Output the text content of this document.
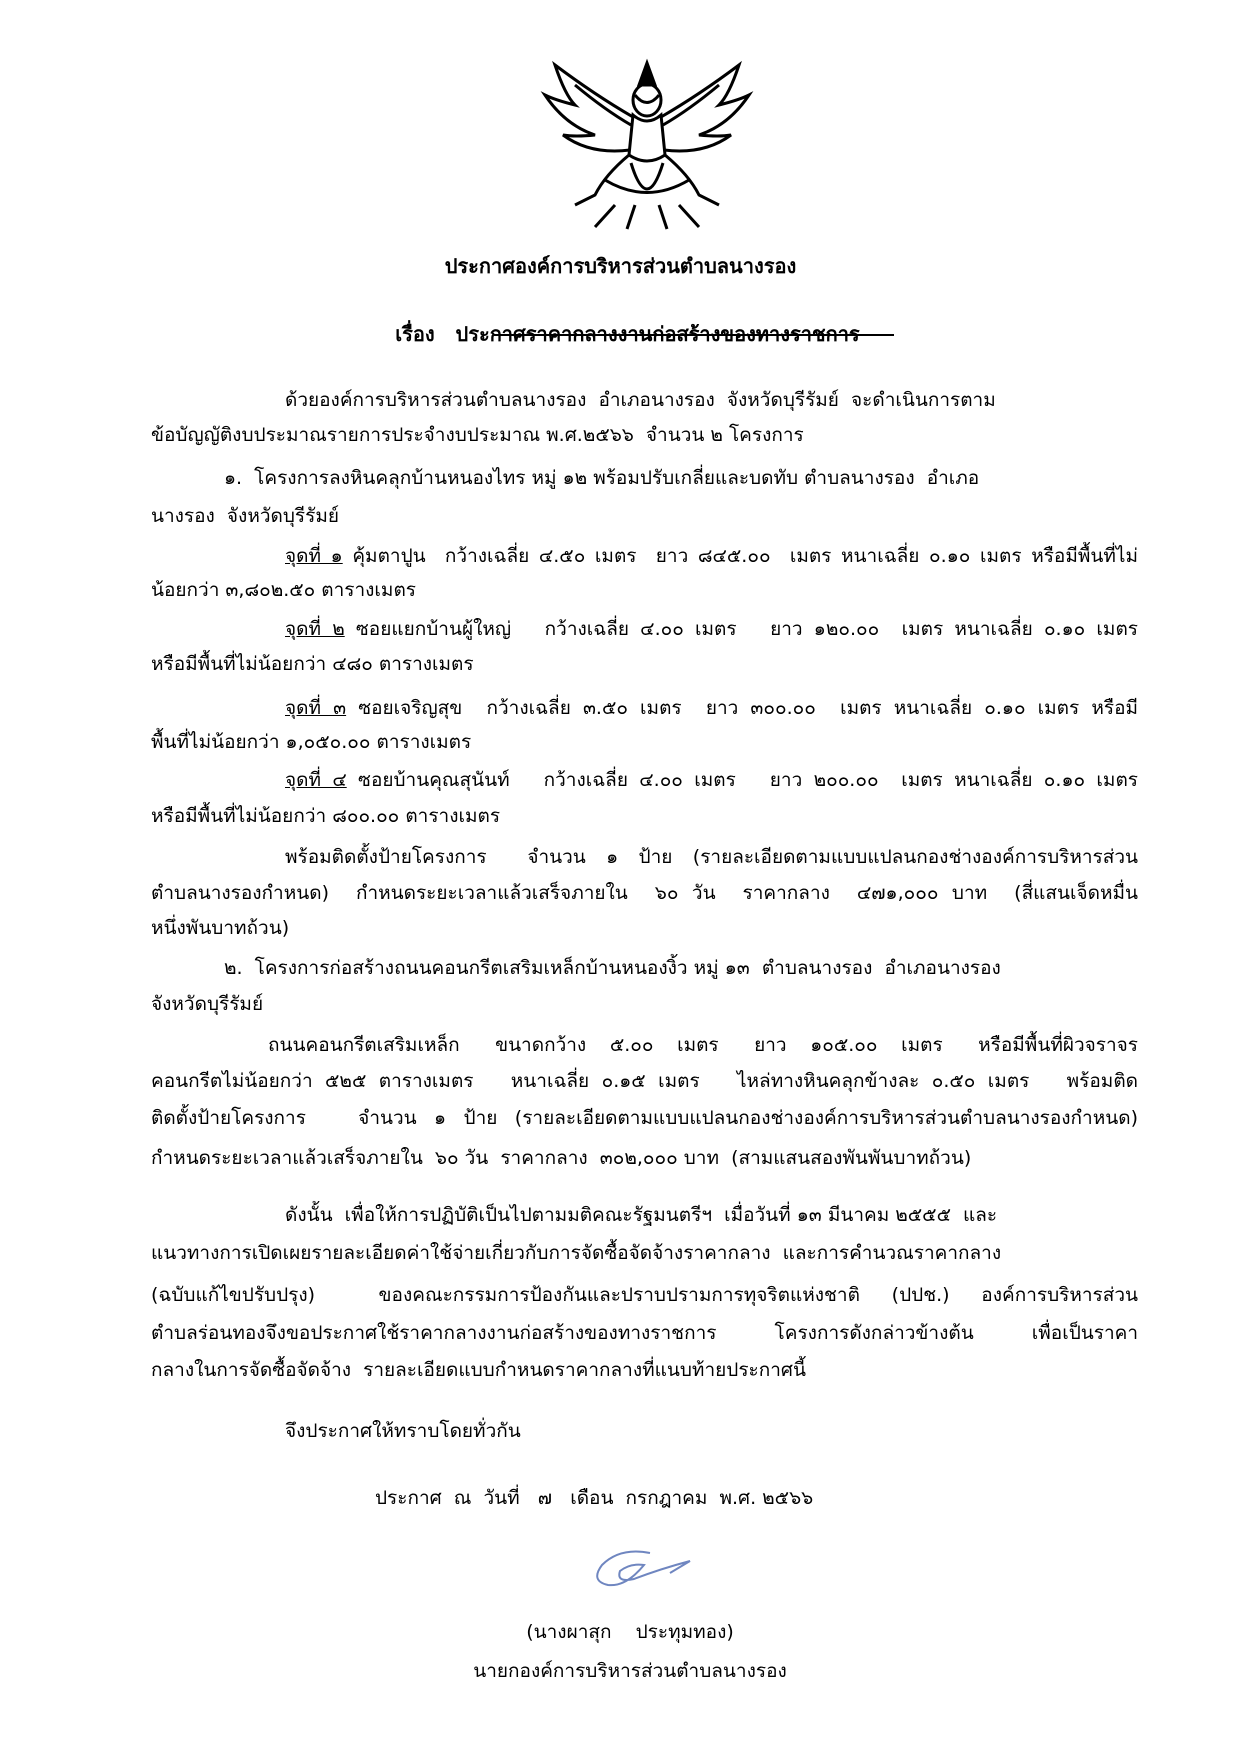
ประกาศองค์การบริหารส่วนตำบลนางรอง

เรื่อง ประกาศราคากลางงานก่อสร้างของทางราชการ

ด้วยองค์การบริหารส่วนตำบลนางรอง  อำเภอนางรอง  จังหวัดบุรีรัมย์  จะดำเนินการตาม
ข้อบัญญัติงบประมาณรายการประจำงบประมาณ พ.ศ.๒๕๖๖  จำนวน ๒ โครงการ
๑.  โครงการลงหินคลุกบ้านหนองไทร หมู่ ๑๒ พร้อมปรับเกลี่ยและบดทับ ตำบลนางรอง  อำเภอ
นางรอง  จังหวัดบุรีรัมย์
จุดที่ ๑ คุ้มตาปูน  กว้างเฉลี่ย ๔.๕๐ เมตร  ยาว ๘๔๕.๐๐  เมตร หนาเฉลี่ย ๐.๑๐ เมตร หรือมีพื้นที่ไม่
น้อยกว่า ๓,๘๐๒.๕๐ ตารางเมตร
จุดที่ ๒ ซอยแยกบ้านผู้ใหญ่   กว้างเฉลี่ย ๔.๐๐ เมตร   ยาว ๑๒๐.๐๐  เมตร หนาเฉลี่ย ๐.๑๐ เมตร
หรือมีพื้นที่ไม่น้อยกว่า ๔๘๐ ตารางเมตร
จุดที่ ๓ ซอยเจริญสุข  กว้างเฉลี่ย ๓.๕๐ เมตร  ยาว ๓๐๐.๐๐  เมตร หนาเฉลี่ย ๐.๑๐ เมตร หรือมี
พื้นที่ไม่น้อยกว่า ๑,๐๕๐.๐๐ ตารางเมตร
จุดที่ ๔ ซอยบ้านคุณสุนันท์   กว้างเฉลี่ย ๔.๐๐ เมตร   ยาว ๒๐๐.๐๐  เมตร หนาเฉลี่ย ๐.๑๐ เมตร
หรือมีพื้นที่ไม่น้อยกว่า ๘๐๐.๐๐ ตารางเมตร
พร้อมติดตั้งป้ายโครงการ    จำนวน  ๑  ป้าย  (รายละเอียดตามแบบแปลนกองช่างองค์การบริหารส่วน
ตำบลนางรองกำหนด)  กำหนดระยะเวลาแล้วเสร็จภายใน  ๖๐ วัน  ราคากลาง  ๔๗๑,๐๐๐ บาท  (สี่แสนเจ็ดหมื่น
หนึ่งพันบาทถ้วน)
๒.  โครงการก่อสร้างถนนคอนกรีตเสริมเหล็กบ้านหนองงิ้ว หมู่ ๑๓  ตำบลนางรอง  อำเภอนางรอง
จังหวัดบุรีรัมย์
ถนนคอนกรีตเสริมเหล็ก   ขนาดกว้าง  ๕.๐๐  เมตร   ยาว  ๑๐๕.๐๐  เมตร   หรือมีพื้นที่ผิวจราจร
คอนกรีตไม่น้อยกว่า ๕๒๕ ตารางเมตร   หนาเฉลี่ย ๐.๑๕ เมตร   ไหล่ทางหินคลุกข้างละ ๐.๕๐ เมตร   พร้อมติด
ติดตั้งป้ายโครงการ   จำนวน ๑ ป้าย (รายละเอียดตามแบบแปลนกองช่างองค์การบริหารส่วนตำบลนางรองกำหนด)
กำหนดระยะเวลาแล้วเสร็จภายใน  ๖๐ วัน  ราคากลาง  ๓๐๒,๐๐๐ บาท  (สามแสนสองพันพันบาทถ้วน)
ดังนั้น  เพื่อให้การปฏิบัติเป็นไปตามมติคณะรัฐมนตรีฯ  เมื่อวันที่ ๑๓ มีนาคม ๒๕๕๕  และ
แนวทางการเปิดเผยรายละเอียดค่าใช้จ่ายเกี่ยวกับการจัดซื้อจัดจ้างราคากลาง  และการคำนวณราคากลาง
(ฉบับแก้ไขปรับปรุง)    ของคณะกรรมการป้องกันและปราบปรามการทุจริตแห่งชาติ  (ปปช.)  องค์การบริหารส่วน
ตำบลร่อนทองจึงขอประกาศใช้ราคากลางงานก่อสร้างของทางราชการ    โครงการดังกล่าวข้างต้น    เพื่อเป็นราคา
กลางในการจัดซื้อจัดจ้าง  รายละเอียดแบบกำหนดราคากลางที่แนบท้ายประกาศนี้
จึงประกาศให้ทราบโดยทั่วกัน
ประกาศ  ณ  วันที่   ๗   เดือน  กรกฎาคม  พ.ศ. ๒๕๖๖
(นางผาสุก    ประทุมทอง)
นายกองค์การบริหารส่วนตำบลนางรอง
